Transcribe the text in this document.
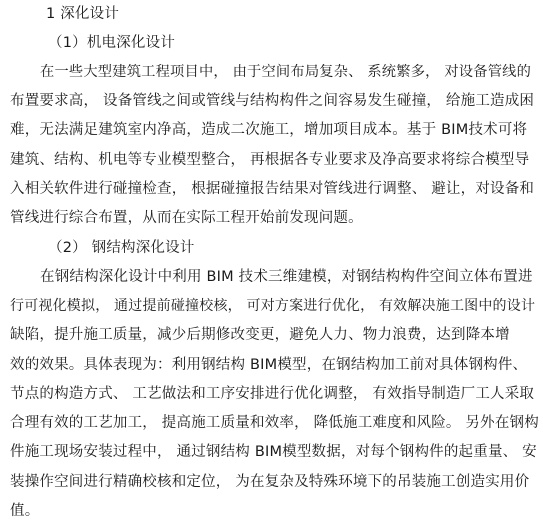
1 深化设计
（1）机电深化设计
在一些大型建筑工程项目中， 由于空间布局复杂、 系统繁多， 对设备管线的
布置要求高， 设备管线之间或管线与结构构件之间容易发生碰撞， 给施工造成困
难，无法满足建筑室内净高，造成二次施工，增加项目成本。基于 BIM技术可将
建筑、结构、机电等专业模型整合， 再根据各专业要求及净高要求将综合模型导
入相关软件进行碰撞检查， 根据碰撞报告结果对管线进行调整、 避让，对设备和
管线进行综合布置，从而在实际工程开始前发现问题。
（2） 钢结构深化设计
在钢结构深化设计中利用 BIM 技术三维建模，对钢结构构件空间立体布置进
行可视化模拟， 通过提前碰撞校核， 可对方案进行优化， 有效解决施工图中的设计
缺陷，提升施工质量，减少后期修改变更，避免人力、物力浪费，达到降本增
效的效果。具体表现为：利用钢结构 BIM模型，在钢结构加工前对具体钢构件、
节点的构造方式、 工艺做法和工序安排进行优化调整， 有效指导制造厂工人采取
合理有效的工艺加工， 提高施工质量和效率， 降低施工难度和风险。 另外在钢构
件施工现场安装过程中， 通过钢结构 BIM模型数据，对每个钢构件的起重量、 安
装操作空间进行精确校核和定位， 为在复杂及特殊环境下的吊装施工创造实用价
值。
